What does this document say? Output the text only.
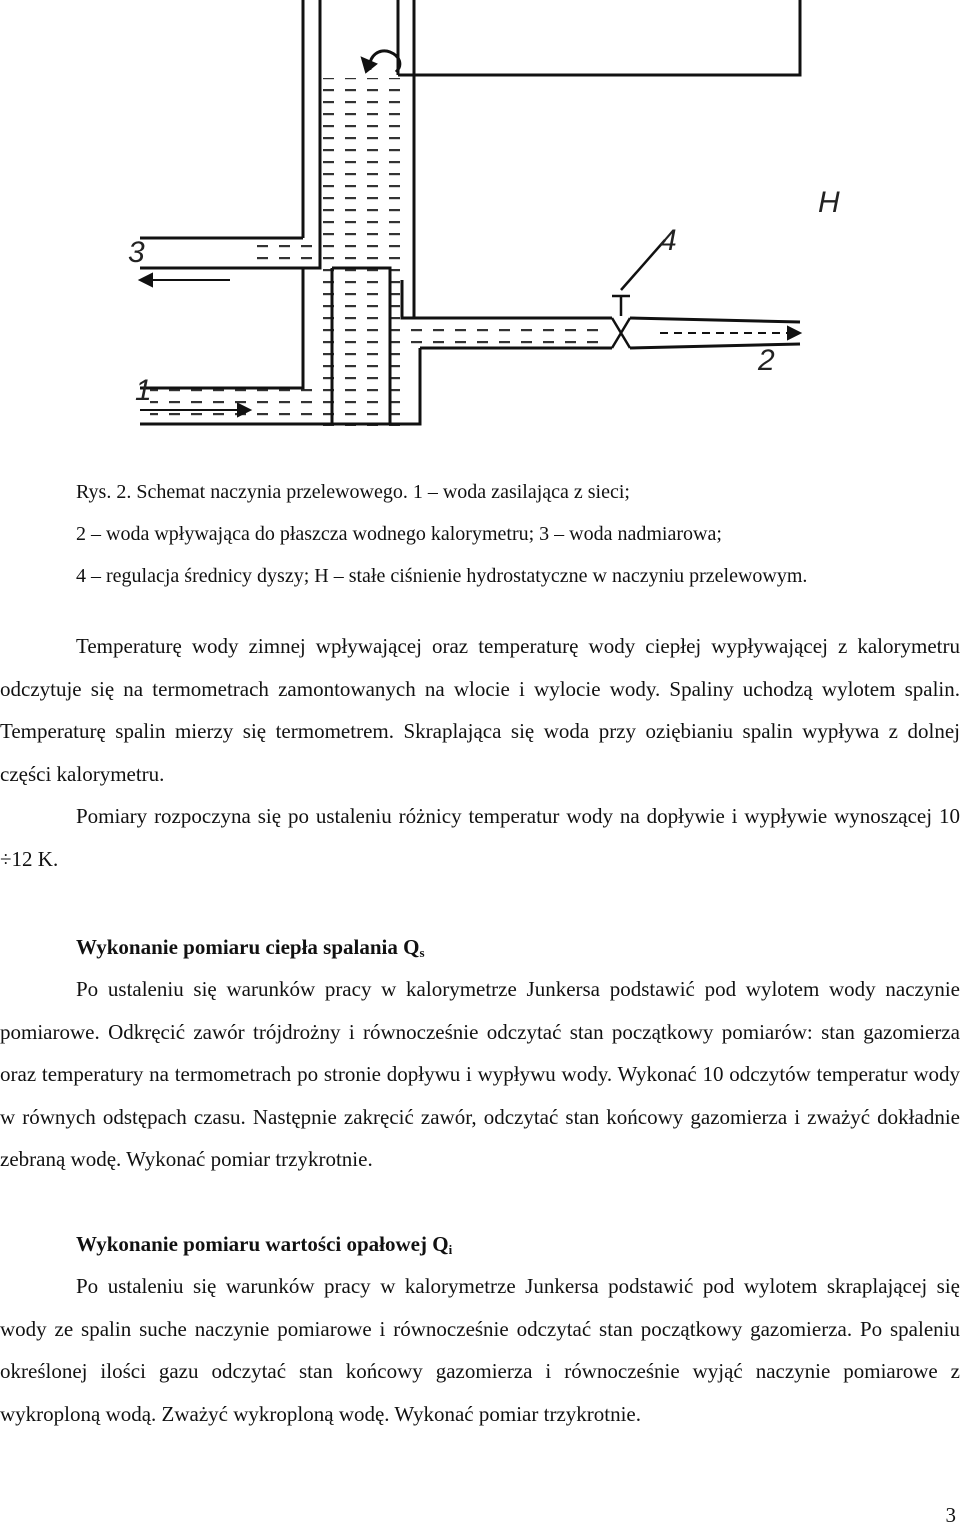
3
1
4
2
H
Rys. 2. Schemat naczynia przelewowego. 1 – woda zasilająca z sieci;
2 – woda wpływająca do płaszcza wodnego kalorymetru; 3 – woda nadmiarowa;
4 – regulacja średnicy dyszy; H – stałe ciśnienie hydrostatyczne w naczyniu przelewowym.
Temperaturę wody zimnej wpływającej oraz temperaturę wody ciepłej wypływającej z kalorymetru odczytuje się na termometrach zamontowanych na wlocie i wylocie wody. Spaliny uchodzą wylotem spalin. Temperaturę spalin mierzy się termometrem. Skraplająca się woda przy oziębianiu spalin wypływa z dolnej części kalorymetru.
Pomiary rozpoczyna się po ustaleniu różnicy temperatur wody na dopływie i wypływie wynoszącej 10 ÷12 K.
Wykonanie pomiaru ciepła spalania $Q_s$
Po ustaleniu się warunków pracy w kalorymetrze Junkersa podstawić pod wylotem wody naczynie pomiarowe. Odkręcić zawór trójdrożny i równocześnie odczytać stan początkowy pomiarów: stan gazomierza oraz temperatury na termometrach po stronie dopływu i wypływu wody. Wykonać 10 odczytów temperatur wody w równych odstępach czasu. Następnie zakręcić zawór, odczytać stan końcowy gazomierza i zważyć dokładnie zebraną wodę. Wykonać pomiar trzykrotnie.
Wykonanie pomiaru wartości opałowej $Q_i$
Po ustaleniu się warunków pracy w kalorymetrze Junkersa podstawić pod wylotem skraplającej się wody ze spalin suche naczynie pomiarowe i równocześnie odczytać stan początkowy gazomierza. Po spaleniu określonej ilości gazu odczytać stan końcowy gazomierza i równocześnie wyjąć naczynie pomiarowe z wykroploną wodą. Zważyć wykroploną wodę. Wykonać pomiar trzykrotnie.
3
